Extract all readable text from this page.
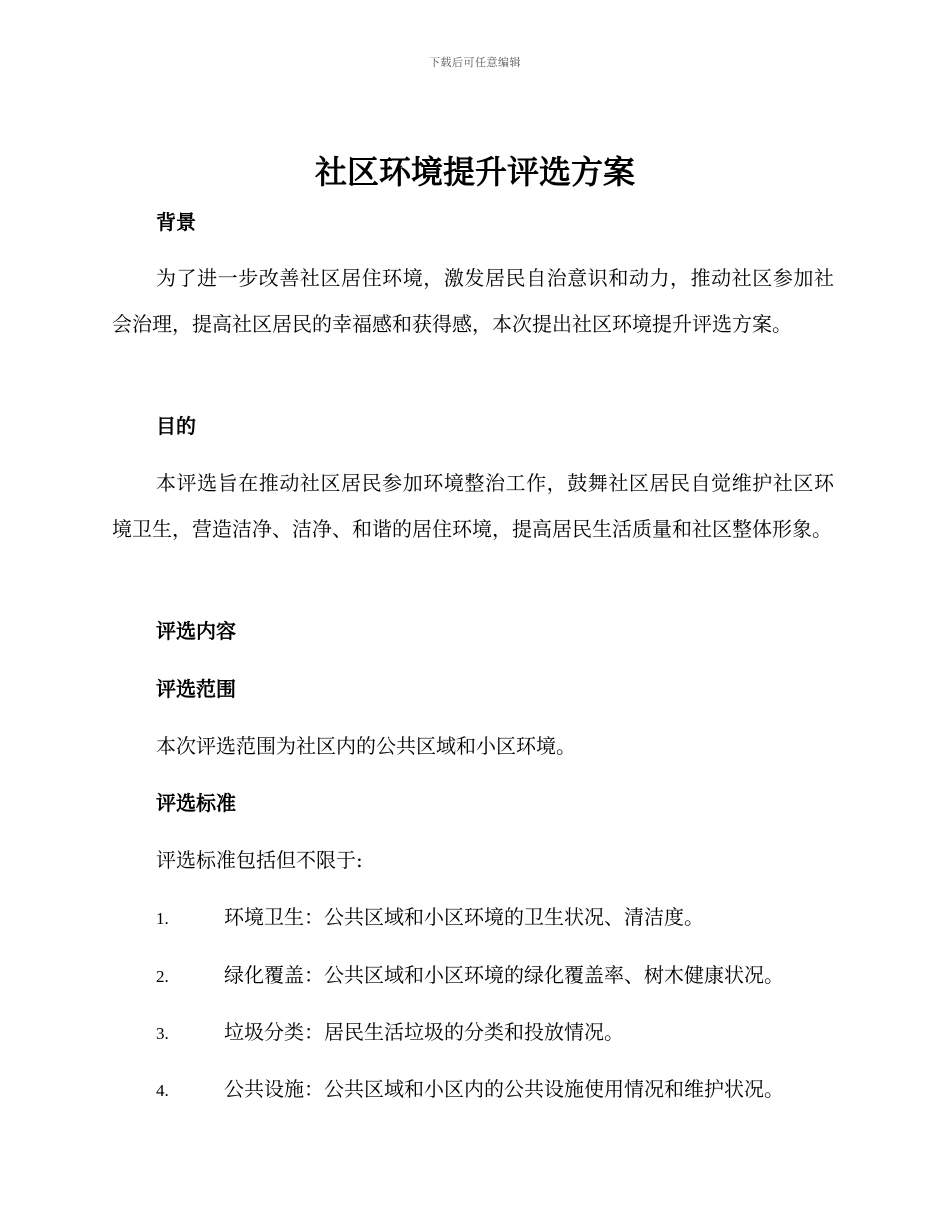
下载后可任意编辑
社区环境提升评选方案
背景
为了进一步改善社区居住环境，激发居民自治意识和动力，推动社区参加社会治理，提高社区居民的幸福感和获得感，本次提出社区环境提升评选方案。
目的
本评选旨在推动社区居民参加环境整治工作，鼓舞社区居民自觉维护社区环境卫生，营造洁净、洁净、和谐的居住环境，提高居民生活质量和社区整体形象。
评选内容
评选范围
本次评选范围为社区内的公共区域和小区环境。
评选标准
评选标准包括但不限于:
1.	环境卫生：公共区域和小区环境的卫生状况、清洁度。
2.	绿化覆盖：公共区域和小区环境的绿化覆盖率、树木健康状况。
3.	垃圾分类：居民生活垃圾的分类和投放情况。
4.	公共设施：公共区域和小区内的公共设施使用情况和维护状况。
